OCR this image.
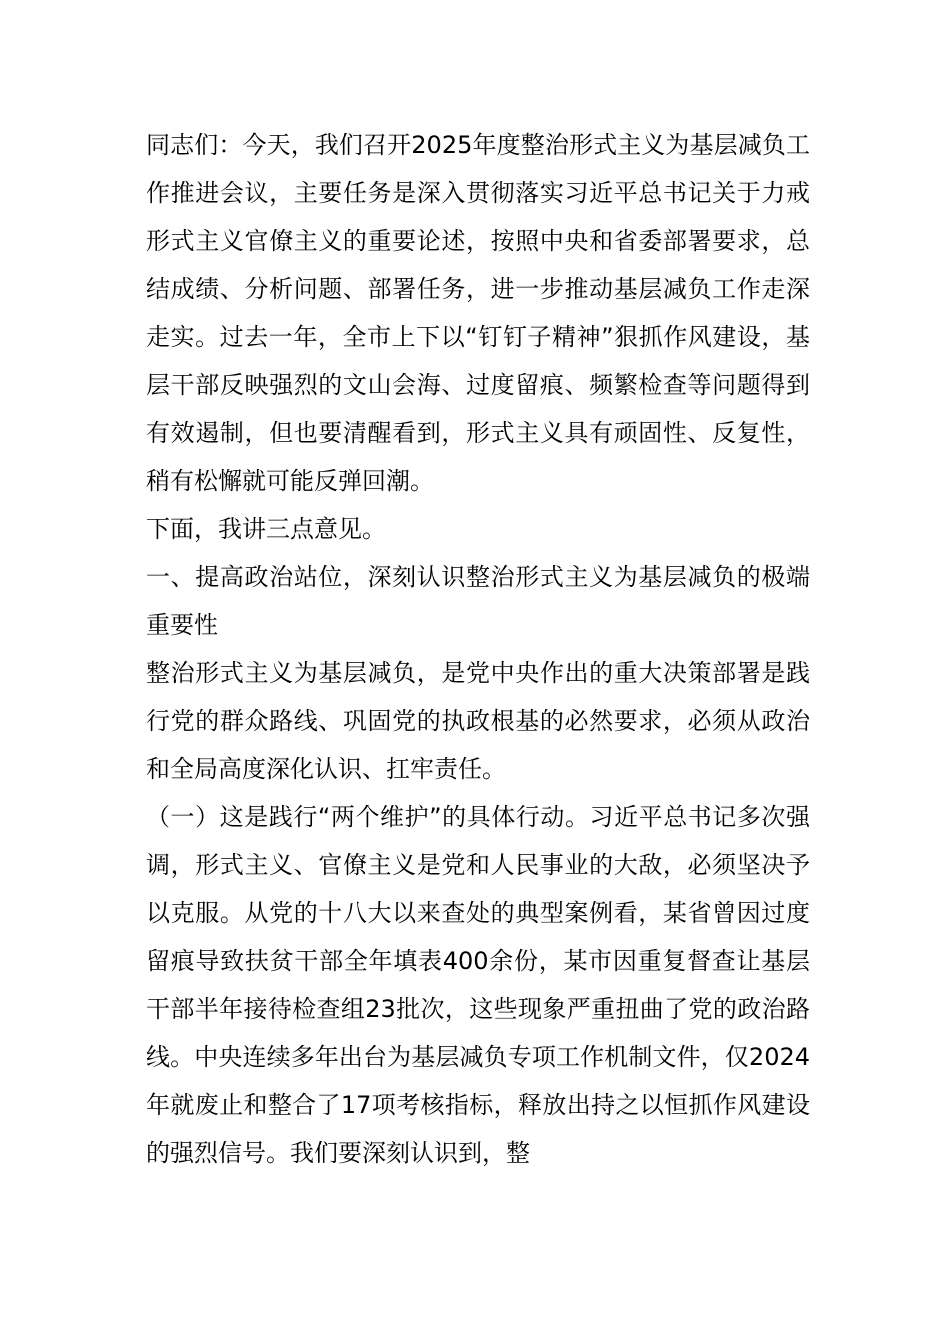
同志们：今天，我们召开2025年度整治形式主义为基层减负工作推进会议，主要任务是深入贯彻落实习近平总书记关于力戒形式主义官僚主义的重要论述，按照中央和省委部署要求，总结成绩、分析问题、部署任务，进一步推动基层减负工作走深走实。过去一年，全市上下以“钉钉子精神”狠抓作风建设，基层干部反映强烈的文山会海、过度留痕、频繁检查等问题得到有效遏制，但也要清醒看到，形式主义具有顽固性、反复性，稍有松懈就可能反弹回潮。

下面，我讲三点意见。

一、提高政治站位，深刻认识整治形式主义为基层减负的极端重要性

整治形式主义为基层减负，是党中央作出的重大决策部署是践行党的群众路线、巩固党的执政根基的必然要求，必须从政治和全局高度深化认识、扛牢责任。

（一）这是践行“两个维护”的具体行动。习近平总书记多次强调，形式主义、官僚主义是党和人民事业的大敌，必须坚决予以克服。从党的十八大以来查处的典型案例看，某省曾因过度留痕导致扶贫干部全年填表400余份，某市因重复督查让基层干部半年接待检查组23批次，这些现象严重扭曲了党的政治路线。中央连续多年出台为基层减负专项工作机制文件，仅2024年就废止和整合了17项考核指标，释放出持之以恒抓作风建设的强烈信号。我们要深刻认识到，整
